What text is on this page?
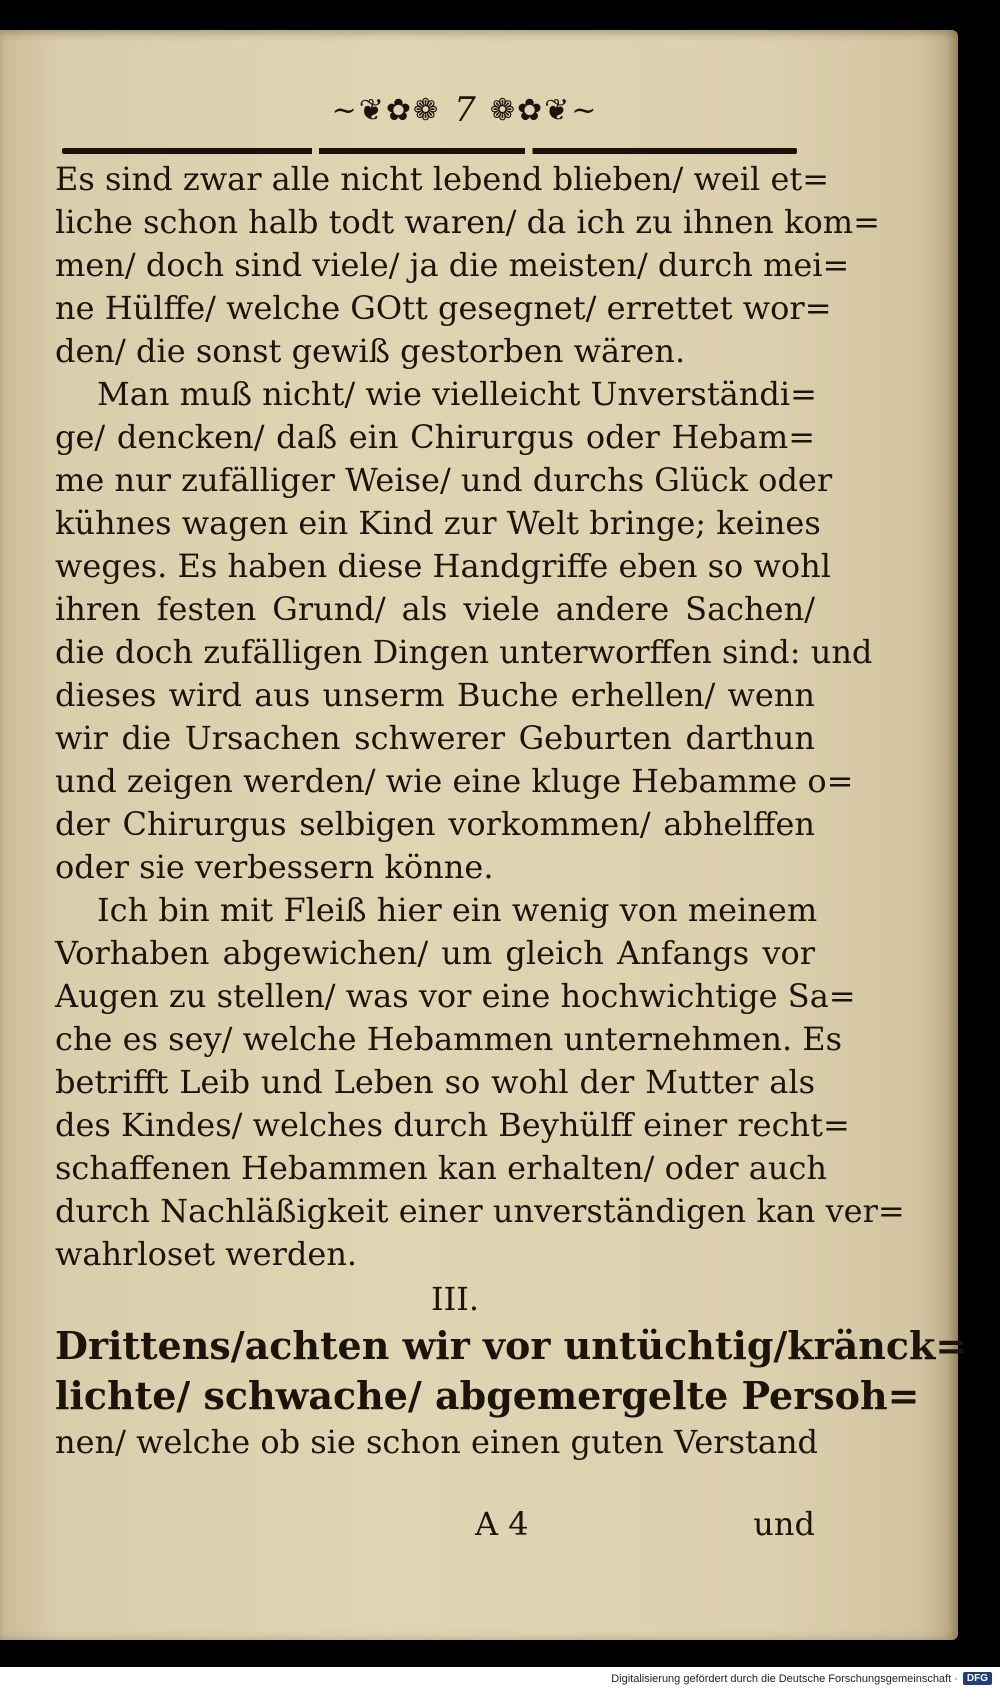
~❦✿❁ 7 ❁✿❦~
Es sind zwar alle nicht lebend blieben/ weil et=
liche schon halb todt waren/ da ich zu ihnen kom=
men/ doch sind viele/ ja die meisten/ durch mei=
ne Hülffe/ welche GOtt gesegnet/ errettet wor=
den/ die sonst gewiß gestorben wären.
Man muß nicht/ wie vielleicht Unverständi=
ge/ dencken/ daß ein Chirurgus oder Hebam=
me nur zufälliger Weise/ und durchs Glück oder
kühnes wagen ein Kind zur Welt bringe; keines
weges. Es haben diese Handgriffe eben so wohl
ihren festen Grund/ als viele andere Sachen/
die doch zufälligen Dingen unterworffen sind: und
dieses wird aus unserm Buche erhellen/ wenn
wir die Ursachen schwerer Geburten darthun
und zeigen werden/ wie eine kluge Hebamme o=
der Chirurgus selbigen vorkommen/ abhelffen
oder sie verbessern könne.
Ich bin mit Fleiß hier ein wenig von meinem
Vorhaben abgewichen/ um gleich Anfangs vor
Augen zu stellen/ was vor eine hochwichtige Sa=
che es sey/ welche Hebammen unternehmen. Es
betrifft Leib und Leben so wohl der Mutter als
des Kindes/ welches durch Beyhülff einer recht=
schaffenen Hebammen kan erhalten/ oder auch
durch Nachläßigkeit einer unverständigen kan ver=
wahrloset werden.
III.
Drittens/achten wir vor untüchtig/kränck=
lichte/ schwache/ abgemergelte Persoh=
nen/ welche ob sie schon einen guten Verstand
A 4	und
Digitalisierung gefördert durch die Deutsche Forschungsgemeinschaft · DFG
